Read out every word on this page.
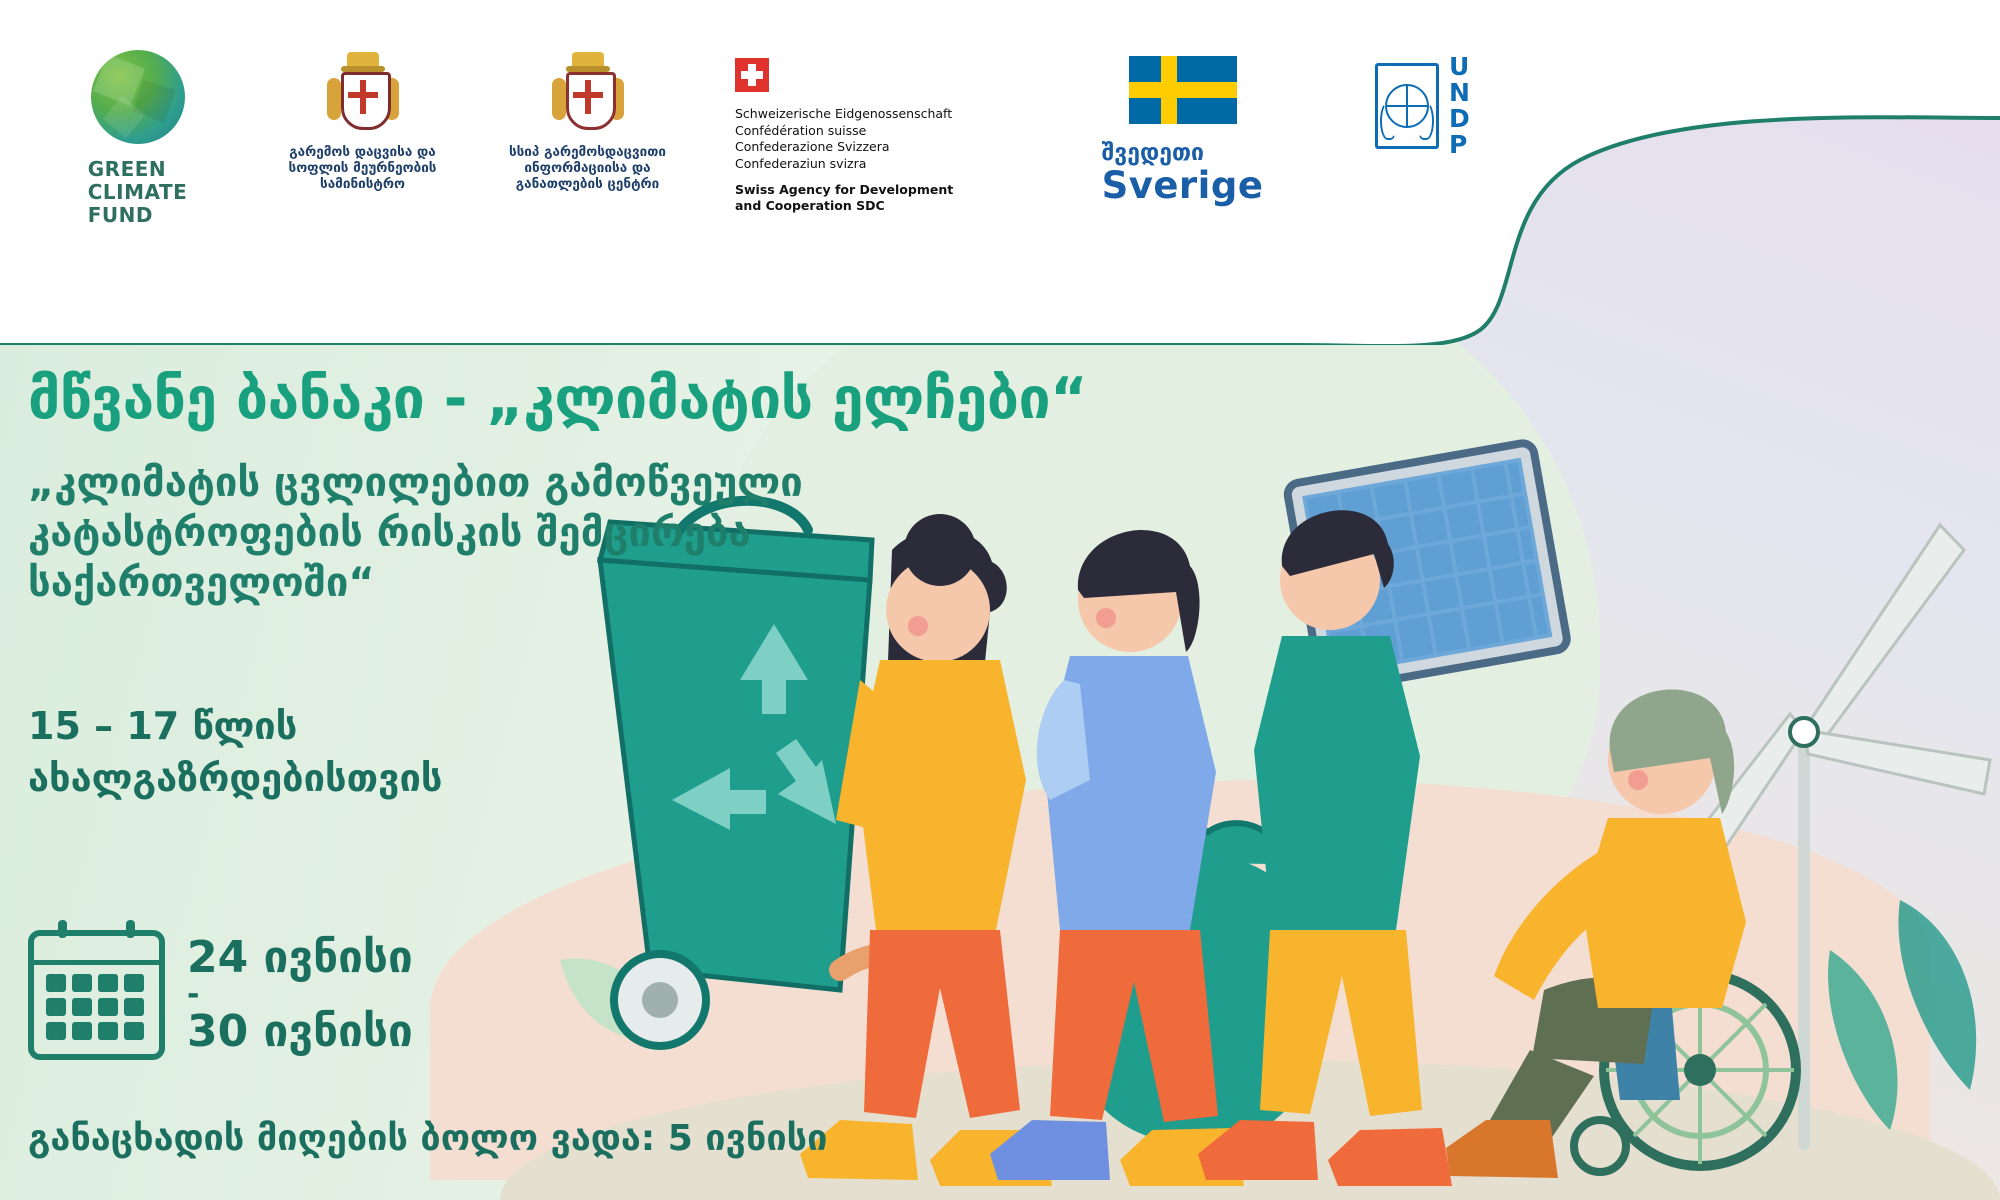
GREEN
CLIMATE
FUND
გარემოს დაცვისა და სოფლის მეურნეობის სამინისტრო
სსიპ გარემოსდაცვითი ინფორმაციისა და განათლების ცენტრი
Schweizerische Eidgenossenschaft
Confédération suisse
Confederazione Svizzera
Confederaziun svizra
Swiss Agency for Development
and Cooperation SDC
შვედეთი
Sverige
U
N
D
P
მწვანე ბანაკი - „კლიმატის ელჩები“
„კლიმატის ცვლილებით გამოწვეული კატასტროფების რისკის შემცირება საქართველოში“
15 – 17 წლის
ახალგაზრდებისთვის
24 ივნისი
-
30 ივნისი
განაცხადის მიღების ბოლო ვადა: 5 ივნისი
